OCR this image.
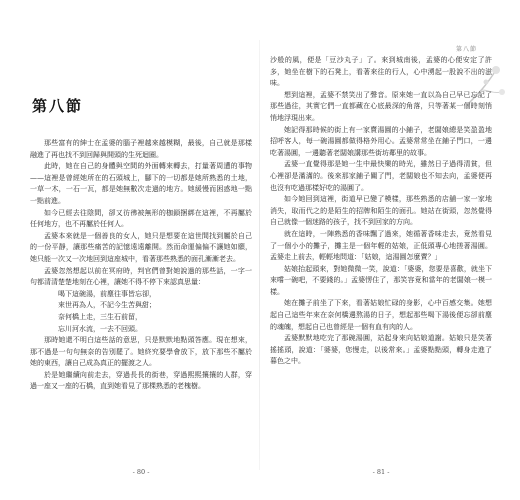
第八節

那些富有的紳士在孟婆的腦子裡越來越模糊，最後，自己就是那樣融進了再也找不到回歸與開頭的生死迴圈。

此時，她在自己的身體與空間的外面轉來轉去，打量著周遭的事物——這裡是曾經她所在的石頭城上，腳下的一切都是她所熟悉的土地，一草一木，一石一瓦，都是她無數次走過的地方。她緩慢而困惑地一點一點前進。

如今已經去往陰間，卻又彷彿被無形的枷鎖捆綁在這裡，不再屬於任何地方，也不再屬於任何人。

孟婆本來就是一個善良的女人，她只是想要在這世間找到屬於自己的一份平靜，讓那些痛苦的記憶遠遠離開。然而命運偏偏不讓她如願，她只能一次又一次地回到這座城中，看著那些熟悉的面孔漸漸老去。

孟婆忽然想起以前在冥府時，判官們曾對她說過的那些話，一字一句都清清楚楚地刻在心裡，讓她不得不停下來認真思量：

喝下這碗湯，前塵往事皆忘卻，

來世再為人，不記今生苦與甜；

奈何橋上走，三生石前留，

忘川河水流，一去不回頭。

那時她還不明白這些話的意思，只是默默地點頭答應。現在想來，那不過是一句句無奈的告別罷了。她終究要學會放下，放下那些不屬於她的東西，讓自己成為真正的擺渡之人。

於是她繼續向前走去，穿過長長的街巷，穿過熙熙攘攘的人群，穿過一座又一座的石橋，直到她看見了那棵熟悉的老槐樹。

第八節

沙般的風，便是「豆沙丸子」了。來到城南後，孟婆的心便安定了許多，她坐在樹下的石凳上，看著來往的行人，心中湧起一股說不出的滋味。

想到這裡，孟婆不禁笑出了聲音。原來她一直以為自己早已忘記了那些過往，其實它們一直都藏在心底最深的角落，只等著某一個時刻悄悄地浮現出來。

她記得那時候的街上有一家賣湯圓的小鋪子，老闆娘總是笑盈盈地招呼客人，每一碗湯圓都做得格外用心。孟婆常常坐在鋪子門口，一邊吃著湯圓，一邊聽著老闆娘講那些街坊鄰里的故事。

孟婆一直覺得那是她一生中最快樂的時光，雖然日子過得清貧，但心裡卻是滿滿的。後來那家鋪子關了門，老闆娘也不知去向，孟婆便再也沒有吃過那樣好吃的湯圓了。

如今她回到這裡，街道早已變了模樣，那些熟悉的店舖一家一家地消失，取而代之的是陌生的招牌和陌生的面孔。她站在街頭，忽然覺得自己就像一個迷路的孩子，找不到回家的方向。

就在這時，一陣熟悉的香味飄了過來，她循著香味走去，竟然看見了一個小小的攤子，攤主是一個年輕的姑娘，正低頭專心地搓著湯圓。孟婆走上前去，輕輕地問道：「姑娘，這湯圓怎麼賣？」

姑娘抬起頭來，對她微微一笑，說道：「婆婆，您要是喜歡，就坐下來嚐一碗吧，不要錢的。」孟婆愣住了，那笑容竟和當年的老闆娘一模一樣。

她在攤子前坐了下來，看著姑娘忙碌的身影，心中百感交集。她想起自己這些年來在奈何橋邊熬湯的日子，想起那些喝下湯後便忘卻前塵的魂魄，想起自己也曾經是一個有血有肉的人。

孟婆默默地吃完了那碗湯圓，站起身來向姑娘道謝。姑娘只是笑著搖搖頭，說道：「婆婆，您慢走，以後常來。」孟婆點點頭，轉身走進了暮色之中。

- 80 -	- 81 -
